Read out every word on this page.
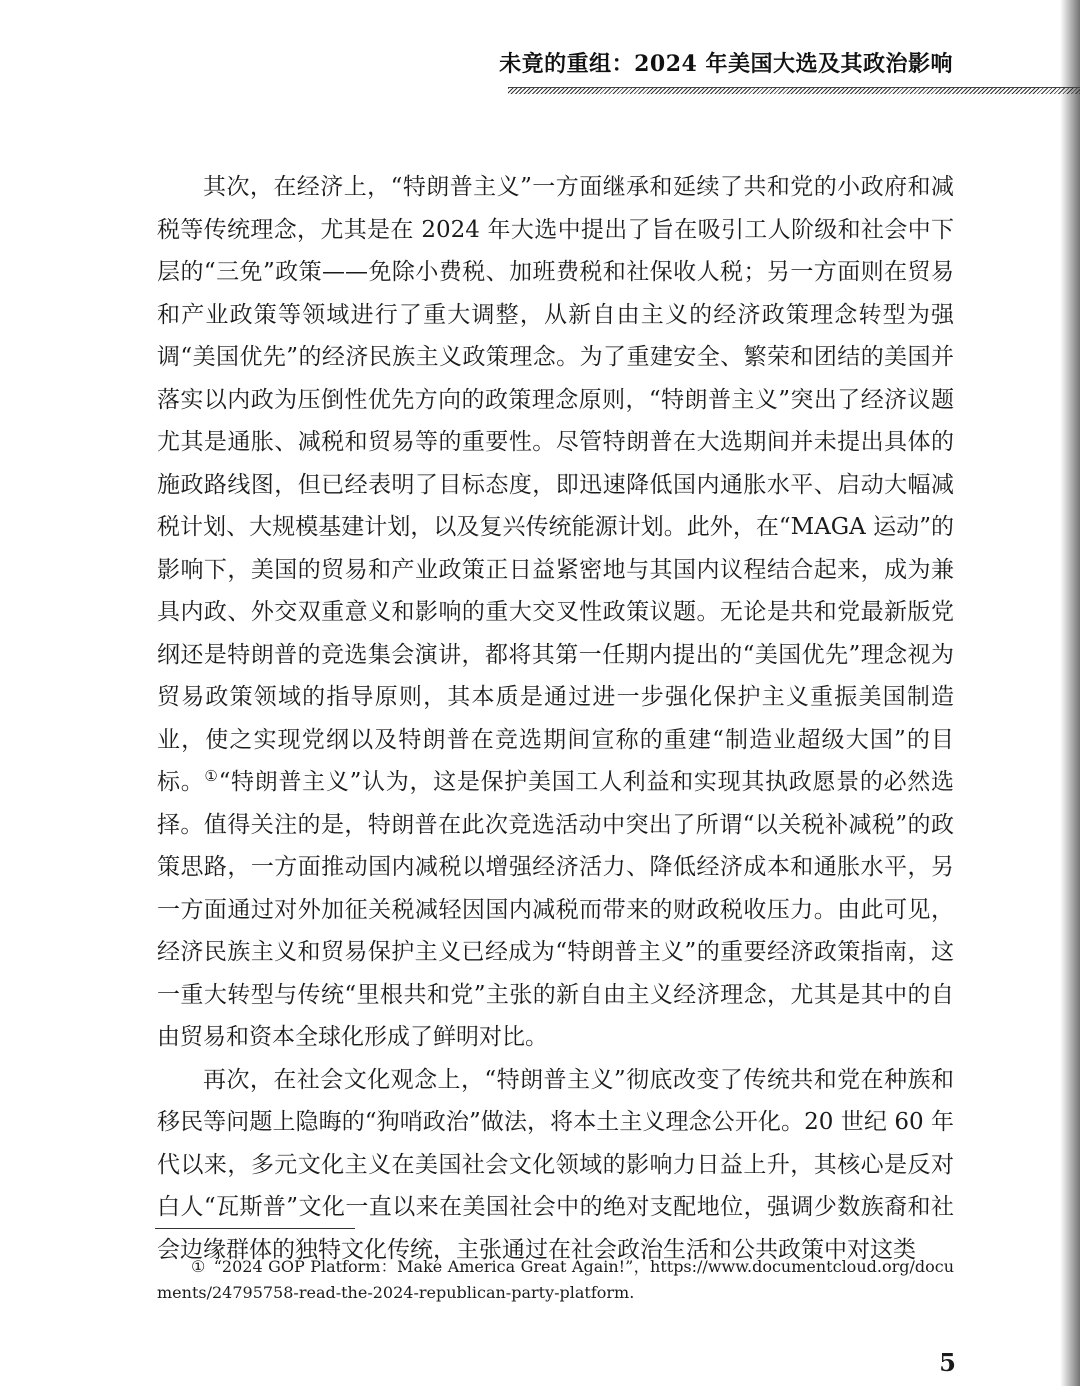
未竟的重组：2024 年美国大选及其政治影响

其次，在经济上，“特朗普主义”一方面继承和延续了共和党的小政府和减税等传统理念，尤其是在 2024 年大选中提出了旨在吸引工人阶级和社会中下层的“三免”政策——免除小费税、加班费税和社保收人税；另一方面则在贸易和产业政策等领域进行了重大调整，从新自由主义的经济政策理念转型为强调“美国优先”的经济民族主义政策理念。为了重建安全、繁荣和团结的美国并落实以内政为压倒性优先方向的政策理念原则，“特朗普主义”突出了经济议题尤其是通胀、减税和贸易等的重要性。尽管特朗普在大选期间并未提出具体的施政路线图，但已经表明了目标态度，即迅速降低国内通胀水平、启动大幅减税计划、大规模基建计划，以及复兴传统能源计划。此外，在“MAGA 运动”的影响下，美国的贸易和产业政策正日益紧密地与其国内议程结合起来，成为兼具内政、外交双重意义和影响的重大交叉性政策议题。无论是共和党最新版党纲还是特朗普的竞选集会演讲，都将其第一任期内提出的“美国优先”理念视为贸易政策领域的指导原则，其本质是通过进一步强化保护主义重振美国制造业，使之实现党纲以及特朗普在竞选期间宣称的重建“制造业超级大国”的目标。①“特朗普主义”认为，这是保护美国工人利益和实现其执政愿景的必然选择。值得关注的是，特朗普在此次竞选活动中突出了所谓“以关税补减税”的政策思路，一方面推动国内减税以增强经济活力、降低经济成本和通胀水平，另一方面通过对外加征关税减轻因国内减税而带来的财政税收压力。由此可见，经济民族主义和贸易保护主义已经成为“特朗普主义”的重要经济政策指南，这一重大转型与传统“里根共和党”主张的新自由主义经济理念，尤其是其中的自由贸易和资本全球化形成了鲜明对比。

再次，在社会文化观念上，“特朗普主义”彻底改变了传统共和党在种族和移民等问题上隐晦的“狗哨政治”做法，将本土主义理念公开化。20 世纪 60 年代以来，多元文化主义在美国社会文化领域的影响力日益上升，其核心是反对白人“瓦斯普”文化一直以来在美国社会中的绝对支配地位，强调少数族裔和社会边缘群体的独特文化传统，主张通过在社会政治生活和公共政策中对这类

①  “2024 GOP Platform：Make America Great Again!”，https://www.documentcloud.org/documents/24795758-read-the-2024-republican-party-platform.

5
